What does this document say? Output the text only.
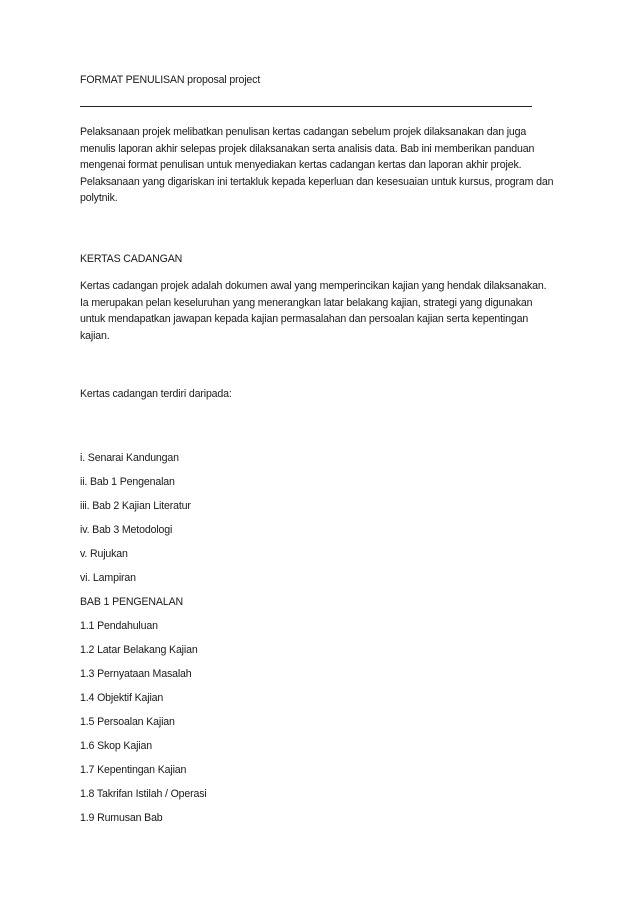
FORMAT PENULISAN proposal project

Pelaksanaan projek melibatkan penulisan kertas cadangan sebelum projek dilaksanakan dan juga menulis laporan akhir selepas projek dilaksanakan serta analisis data. Bab ini memberikan panduan mengenai format penulisan untuk menyediakan kertas cadangan kertas dan laporan akhir projek. Pelaksanaan yang digariskan ini tertakluk kepada keperluan dan kesesuaian untuk kursus, program dan polytnik.

KERTAS CADANGAN

Kertas cadangan projek adalah dokumen awal yang memperincikan kajian yang hendak dilaksanakan. Ia merupakan pelan keseluruhan yang menerangkan latar belakang kajian, strategi yang digunakan untuk mendapatkan jawapan kepada kajian permasalahan dan persoalan kajian serta kepentingan kajian.

Kertas cadangan terdiri daripada:

i. Senarai Kandungan
ii. Bab 1 Pengenalan
iii. Bab 2 Kajian Literatur
iv. Bab 3 Metodologi
v. Rujukan
vi. Lampiran
BAB 1 PENGENALAN
1.1 Pendahuluan
1.2 Latar Belakang Kajian
1.3 Pernyataan Masalah
1.4 Objektif Kajian
1.5 Persoalan Kajian
1.6 Skop Kajian
1.7 Kepentingan Kajian
1.8 Takrifan Istilah / Operasi
1.9 Rumusan Bab
